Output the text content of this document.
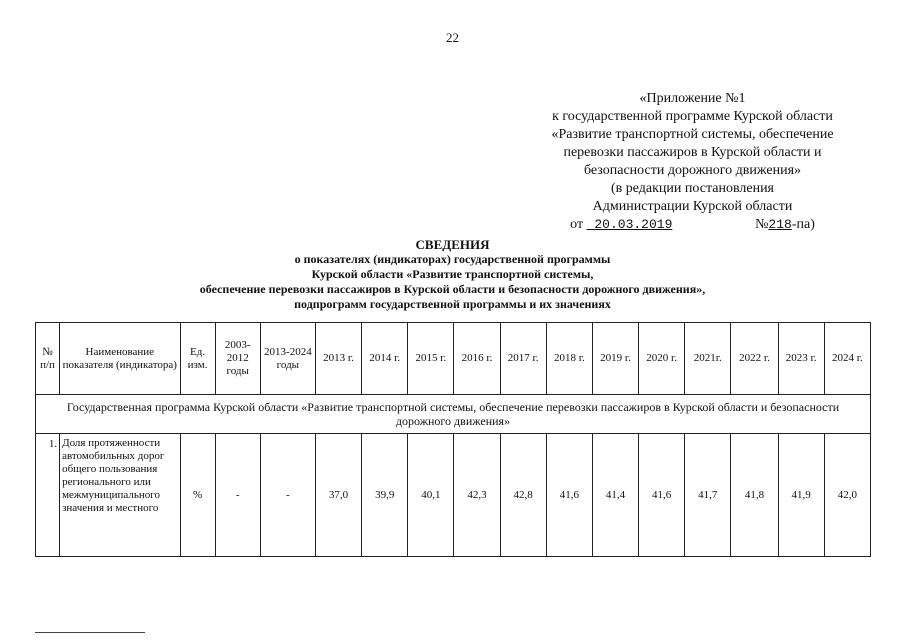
22
«Приложение №1
к государственной программе Курской области
«Развитие транспортной системы, обеспечение
перевозки пассажиров в Курской области и
безопасности дорожного движения»
(в редакции постановления
Администрации Курской области
от 20.03.2019	№218-па)
СВЕДЕНИЯ
о показателях (индикаторах) государственной программы
Курской области «Развитие транспортной системы,
обеспечение перевозки пассажиров в Курской области и безопасности дорожного движения»,
подпрограмм государственной программы и их значениях
№ п/п	Наименование показателя (индикатора)	Ед. изм.	2003-2012 годы	2013-2024 годы	2013 г.	2014 г.	2015 г.	2016 г.	2017 г.	2018 г.	2019 г.	2020 г.	2021г.	2022 г.	2023 г.	2024 г.
Государственная программа Курской области «Развитие транспортной системы, обеспечение перевозки пассажиров в Курской области и безопасности дорожного движения»																
1.	Доля протяженности автомобильных дорог общего пользования регионального или межмуниципального значения и местного	%	-	-	37,0	39,9	40,1	42,3	42,8	41,6	41,4	41,6	41,7	41,8	41,9	42,0
